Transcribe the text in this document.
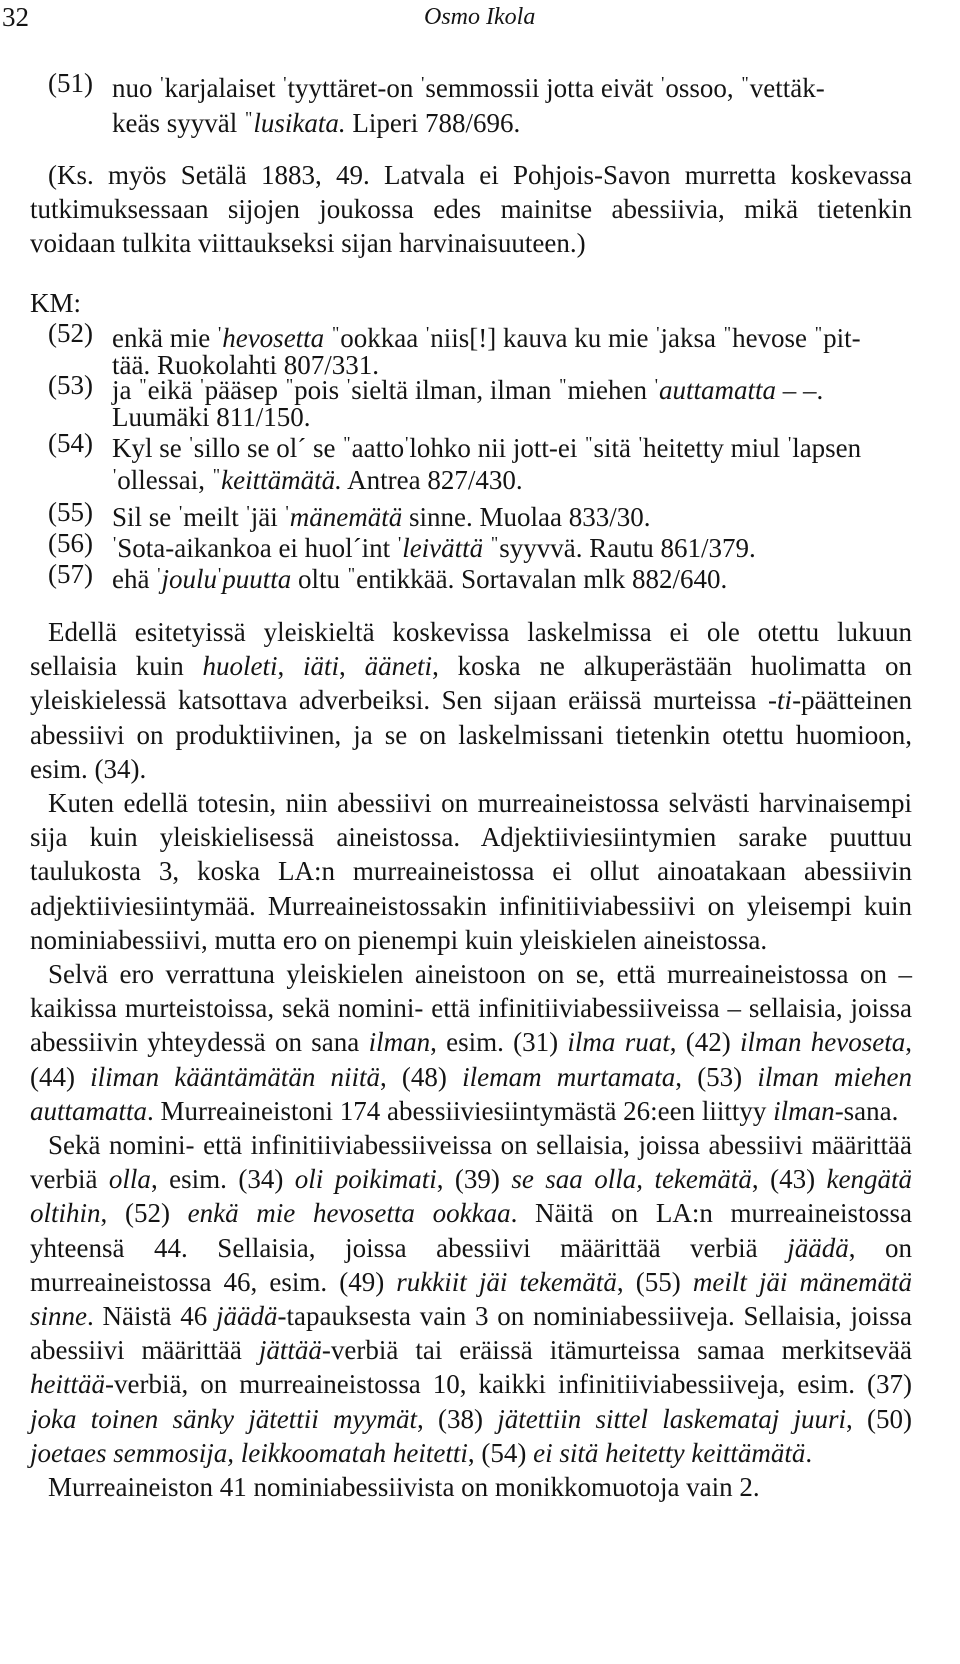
32	Osmo Ikola
(51) nuo 'karjalaiset 'tyyttäret-on 'semmossii jotta eivät 'ossoo, "vettäk-
keäs syyväl "lusikata. Liperi 788/696.
(Ks. myös Setälä 1883, 49. Latvala ei Pohjois-Savon murretta koskevassa tutkimuksessaan sijojen joukossa edes mainitse abessiivia, mikä tietenkin voidaan tulkita viittaukseksi sijan harvinaisuuteen.)
KM:
(52) enkä mie 'hevosetta "ookkaa 'niis[!] kauva ku mie 'jaksa "hevose "pit-
tää. Ruokolahti 807/331.
(53) ja "eikä 'pääsep "pois 'sieltä ilman, ilman "miehen 'auttamatta – –.
Luumäki 811/150.
(54) Kyl se 'sillo se ol´ se "aatto'lohko nii jott-ei "sitä 'heitetty miul 'lapsen
'ollessai, "keittämätä. Antrea 827/430.
(55) Sil se 'meilt 'jäi 'mänemätä sinne. Muolaa 833/30.
(56) 'Sota-aikankoa ei huol´int 'leivättä "syyvvä. Rautu 861/379.
(57) ehä 'joulu'puutta oltu "entikkää. Sortavalan mlk 882/640.

Edellä esitetyissä yleiskieltä koskevissa laskelmissa ei ole otettu lukuun sellaisia kuin huoleti, iäti, ääneti, koska ne alkuperästään huolimatta on yleiskielessä katsottava adverbeiksi. Sen sijaan eräissä murteissa -ti-päätteinen abessiivi on produktiivinen, ja se on laskelmissani tietenkin otettu huomioon, esim. (34).

Kuten edellä totesin, niin abessiivi on murreaineistossa selvästi harvinaisempi sija kuin yleiskielisessä aineistossa. Adjektiiviesiintymien sarake puuttuu taulukosta 3, koska LA:n murreaineistossa ei ollut ainoatakaan abessiivin adjektiiviesiintymää. Murreaineistossakin infinitiiviabessiivi on yleisempi kuin nominiabessiivi, mutta ero on pienempi kuin yleiskielen aineistossa.

Selvä ero verrattuna yleiskielen aineistoon on se, että murreaineistossa on – kaikissa murteistoissa, sekä nomini- että infinitiiviabessiiveissa – sellaisia, joissa abessiivin yhteydessä on sana ilman, esim. (31) ilma ruat, (42) ilman hevoseta, (44) iliman kääntämätän niitä, (48) ilemam murtamata, (53) ilman miehen auttamatta. Murreaineistoni 174 abessiiviesiintymästä 26:een liittyy ilman-sana.

Sekä nomini- että infinitiiviabessiiveissa on sellaisia, joissa abessiivi määrittää verbiä olla, esim. (34) oli poikimati, (39) se saa olla, tekemätä, (43) kengätä oltihin, (52) enkä mie hevosetta ookkaa. Näitä on LA:n murreaineistossa yhteensä 44. Sellaisia, joissa abessiivi määrittää verbiä jäädä, on murreaineistossa 46, esim. (49) rukkiit jäi tekemätä, (55) meilt jäi mänemätä sinne. Näistä 46 jäädä-tapauksesta vain 3 on nominiabessiiveja. Sellaisia, joissa abessiivi määrittää jättää-verbiä tai eräissä itämurteissa samaa merkitsevää heittää-verbiä, on murreaineistossa 10, kaikki infinitiiviabessiiveja, esim. (37) joka toinen sänky jätettii myymät, (38) jätettiin sittel laskemataj juuri, (50) joetaes semmosija, leikkoomatah heitetti, (54) ei sitä heitetty keittämätä.

Murreaineiston 41 nominiabessiivista on monikkomuotoja vain 2.
